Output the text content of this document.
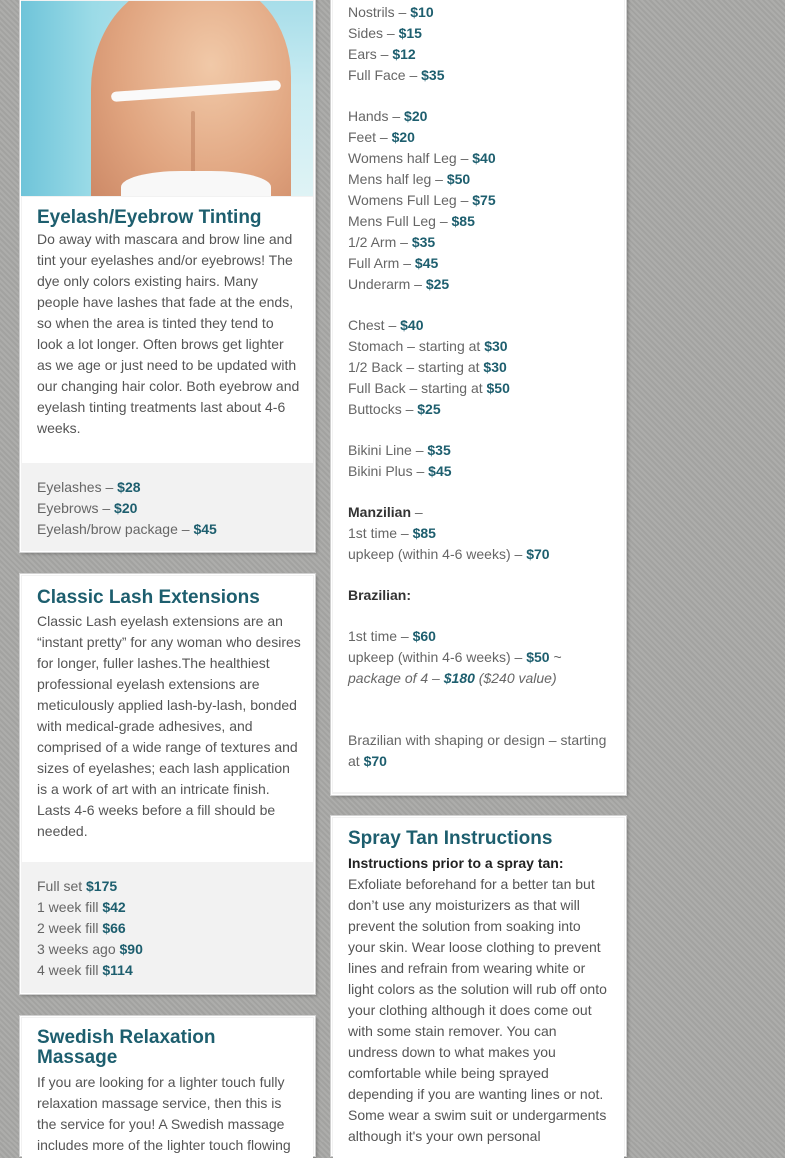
Eyelash/Eyebrow Tinting
Do away with mascara and brow line and tint your eyelashes and/or eyebrows! The dye only colors existing hairs. Many people have lashes that fade at the ends, so when the area is tinted they tend to look a lot longer. Often brows get lighter as we age or just need to be updated with our changing hair color. Both eyebrow and eyelash tinting treatments last about 4-6 weeks.
Eyelashes – $28
Eyebrows – $20
Eyelash/brow package – $45
Classic Lash Extensions
Classic Lash eyelash extensions are an “instant pretty” for any woman who desires for longer, fuller lashes.The healthiest professional eyelash extensions are meticulously applied lash-by-lash, bonded with medical-grade adhesives, and comprised of a wide range of textures and sizes of eyelashes; each lash application is a work of art with an intricate finish. Lasts 4-6 weeks before a fill should be needed.
Full set $175
1 week fill $42
2 week fill $66
3 weeks ago $90
4 week fill $114
Swedish Relaxation Massage
If you are looking for a lighter touch fully relaxation massage service, then this is the service for you! A Swedish massage includes more of the lighter touch flowing
Nostrils – $10
Sides – $15
Ears – $12
Full Face – $35
Hands – $20
Feet – $20
Womens half Leg – $40
Mens half leg – $50
Womens Full Leg – $75
Mens Full Leg – $85
1/2 Arm – $35
Full Arm – $45
Underarm – $25
Chest – $40
Stomach – starting at $30
1/2 Back – starting at $30
Full Back – starting at $50
Buttocks – $25
Bikini Line – $35
Bikini Plus – $45
Manzilian –
1st time – $85
upkeep (within 4-6 weeks) – $70
Brazilian:
1st time – $60
upkeep (within 4-6 weeks) – $50 ~
package of 4 – $180 ($240 value)
Brazilian with shaping or design – starting at $70
Spray Tan Instructions
Instructions prior to a spray tan:
Exfoliate beforehand for a better tan but don’t use any moisturizers as that will prevent the solution from soaking into your skin. Wear loose clothing to prevent lines and refrain from wearing white or light colors as the solution will rub off onto your clothing although it does come out with some stain remover. You can undress down to what makes you comfortable while being sprayed depending if you are wanting lines or not. Some wear a swim suit or undergarments although it's your own personal
